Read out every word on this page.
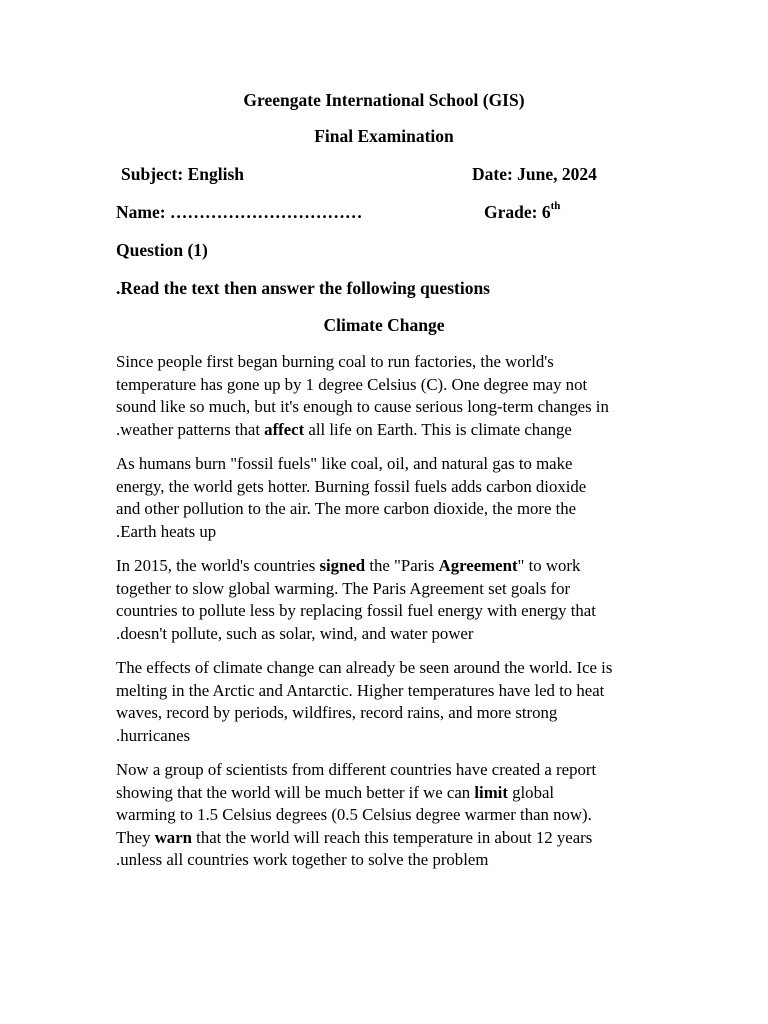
Greengate International School (GIS)
Final Examination
Subject: English	Date: June, 2024
Name: ……………………………	Grade: 6th
Question (1)
.Read the text then answer the following questions
Climate Change
Since people first began burning coal to run factories, the world's
temperature has gone up by 1 degree Celsius (C). One degree may not
sound like so much, but it's enough to cause serious long-term changes in
.weather patterns that affect all life on Earth. This is climate change
As humans burn "fossil fuels" like coal, oil, and natural gas to make
energy, the world gets hotter. Burning fossil fuels adds carbon dioxide
and other pollution to the air. The more carbon dioxide, the more the
.Earth heats up
In 2015, the world's countries signed the "Paris Agreement" to work
together to slow global warming. The Paris Agreement set goals for
countries to pollute less by replacing fossil fuel energy with energy that
.doesn't pollute, such as solar, wind, and water power
The effects of climate change can already be seen around the world. Ice is
melting in the Arctic and Antarctic. Higher temperatures have led to heat
waves, record by periods, wildfires, record rains, and more strong
.hurricanes
Now a group of scientists from different countries have created a report
showing that the world will be much better if we can limit global
warming to 1.5 Celsius degrees (0.5 Celsius degree warmer than now).
They warn that the world will reach this temperature in about 12 years
.unless all countries work together to solve the problem
